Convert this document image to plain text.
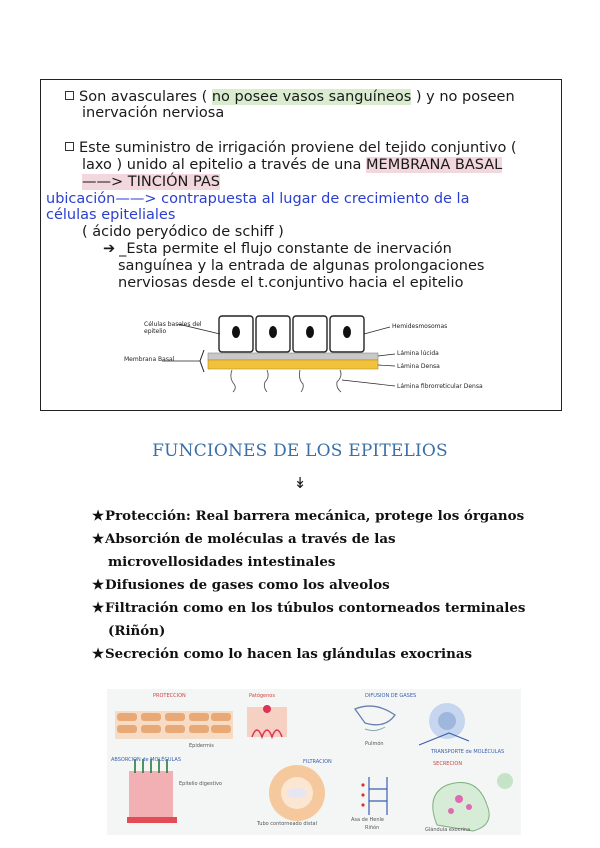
Son avasculares ( no posee vasos sanguíneos ) y no poseen
inervación nerviosa
Este suministro de irrigación proviene del tejido conjuntivo (
laxo ) unido al epitelio a través de una MEMBRANA BASAL
——> TINCIÓN PAS
ubicación——> contrapuesta al lugar de crecimiento de la
células epiteliales
( ácido peryódico de schiff )
➔ _Esta permite el flujo constante de inervación
sanguínea y la entrada de algunas prolongaciones
nerviosas desde el t.conjuntivo hacia el epitelio
Células basales del
epitelio
Membrana Basal
Hemidesmosomas
Lámina lúcida
Lámina Densa
Lámina fibrorreticular Densa
FUNCIONES DE LOS EPITELIOS
↡
★Protección: Real barrera mecánica, protege los órganos
★Absorción de moléculas a través de las
microvellosidades intestinales
★Difusiones de gases como los alveolos
★Filtración como en los túbulos contorneados terminales
(Riñón)
★Secreción como lo hacen las glándulas exocrinas
PROTECCION	Patógenos	DIFUSION DE GASES
Epidermis	Pulmón
TRANSPORTE de MOLÉCULAS
ABSORCION de MOLÉCULAS
Epitelio digestivo
FILTRACION
Tubo contorneado distal
Asa de Henle
Riñón
SECRECION
Glándula exocrina
